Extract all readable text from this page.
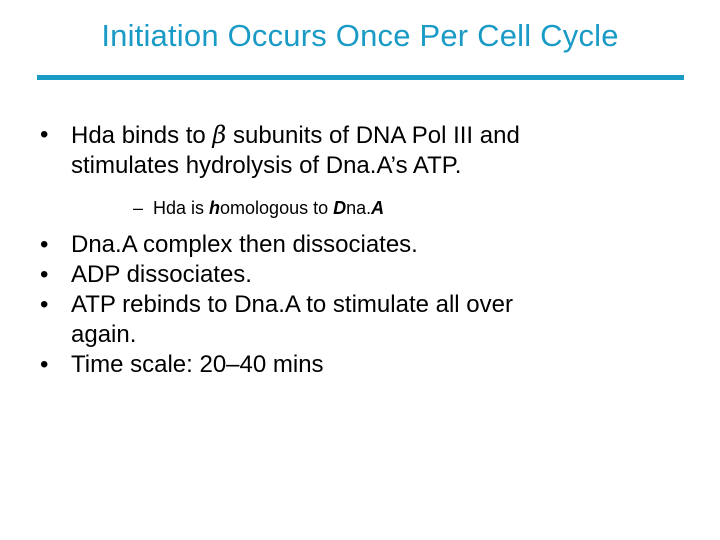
Initiation Occurs Once Per Cell Cycle
• Hda binds to β subunits of DNA Pol III and
stimulates hydrolysis of Dna.A’s ATP.
– Hda is homologous to Dna.A
• Dna.A complex then dissociates.
• ADP dissociates.
• ATP rebinds to Dna.A to stimulate all over
again.
• Time scale: 20–40 mins
